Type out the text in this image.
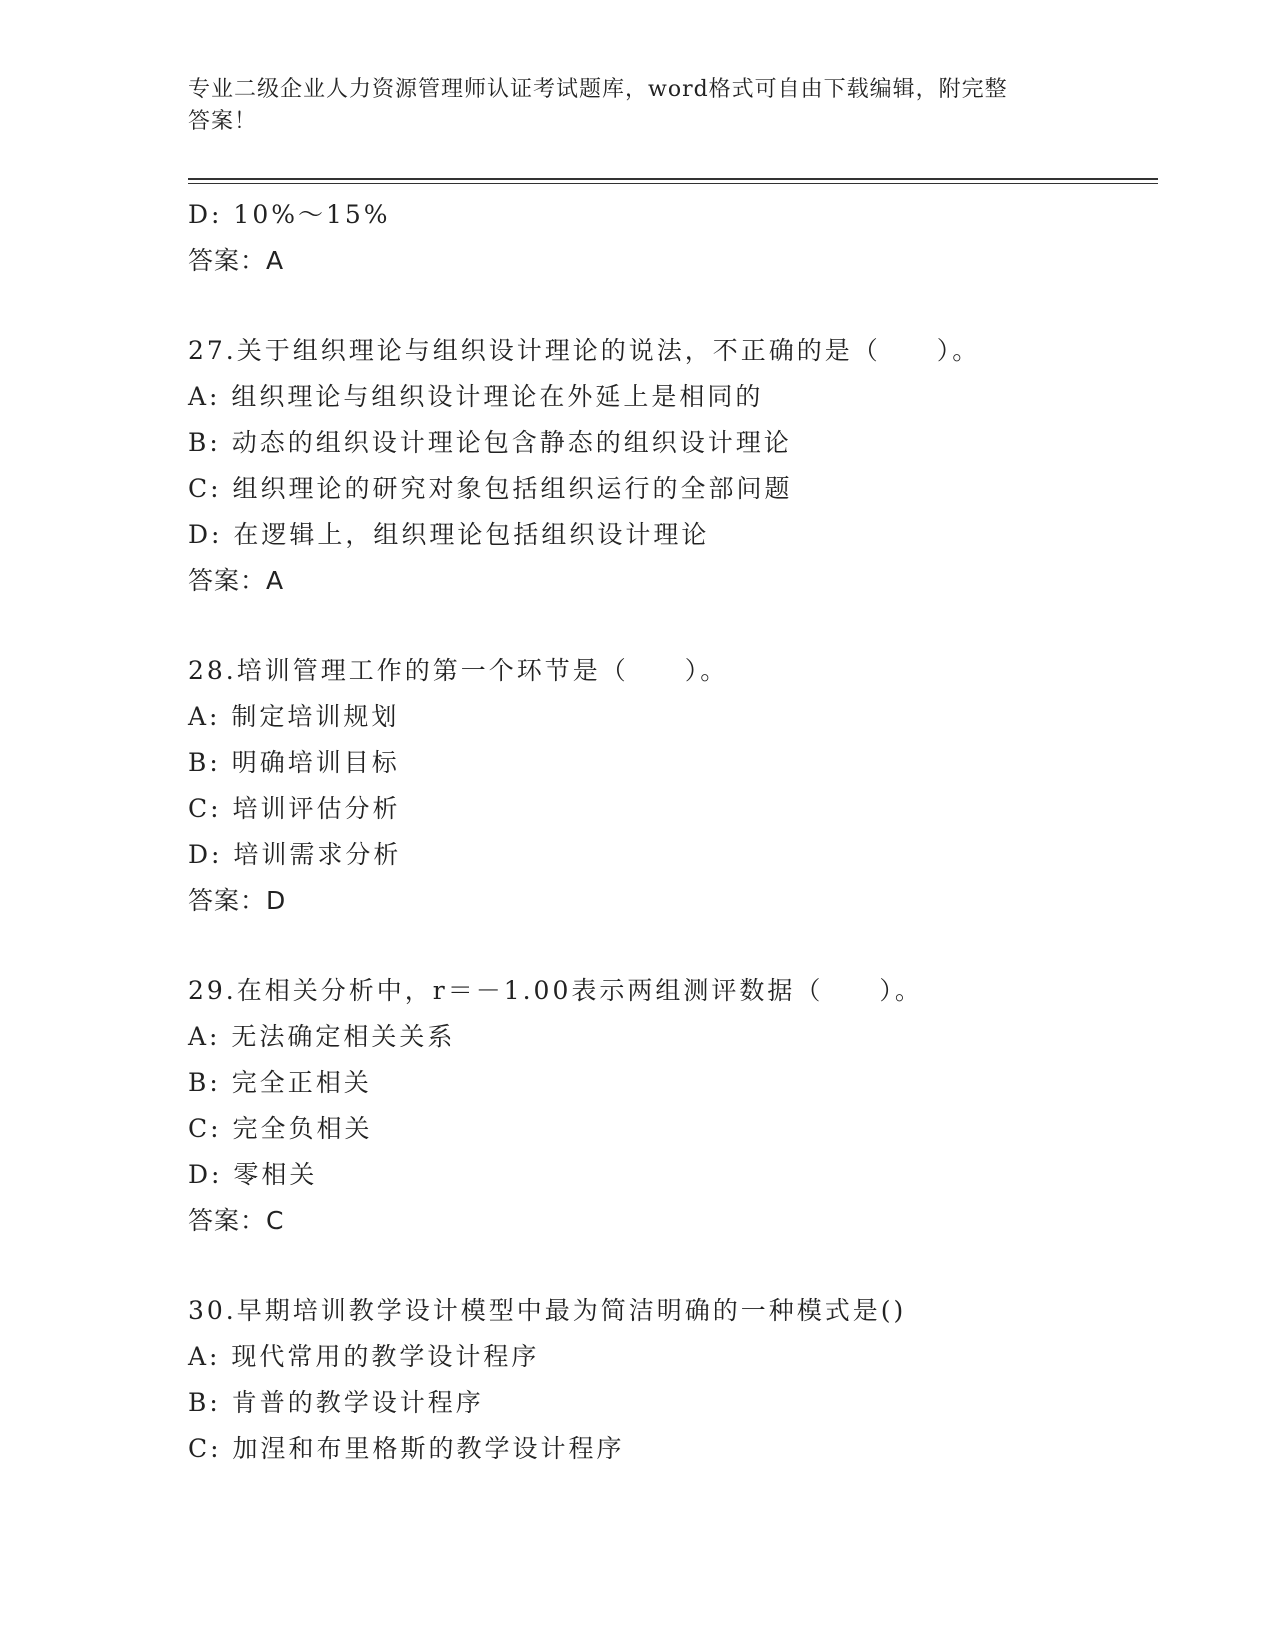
专业二级企业人力资源管理师认证考试题库，word格式可自由下载编辑，附完整
答案！
D: 10%～15%
答案：A
27.关于组织理论与组织设计理论的说法，不正确的是（　　）。
A: 组织理论与组织设计理论在外延上是相同的
B: 动态的组织设计理论包含静态的组织设计理论
C: 组织理论的研究对象包括组织运行的全部问题
D: 在逻辑上，组织理论包括组织设计理论
答案：A
28.培训管理工作的第一个环节是（　　）。
A: 制定培训规划
B: 明确培训目标
C: 培训评估分析
D: 培训需求分析
答案：D
29.在相关分析中，r＝－1.00表示两组测评数据（　　）。
A: 无法确定相关关系
B: 完全正相关
C: 完全负相关
D: 零相关
答案：C
30.早期培训教学设计模型中最为简洁明确的一种模式是()
A: 现代常用的教学设计程序
B: 肯普的教学设计程序
C: 加涅和布里格斯的教学设计程序
